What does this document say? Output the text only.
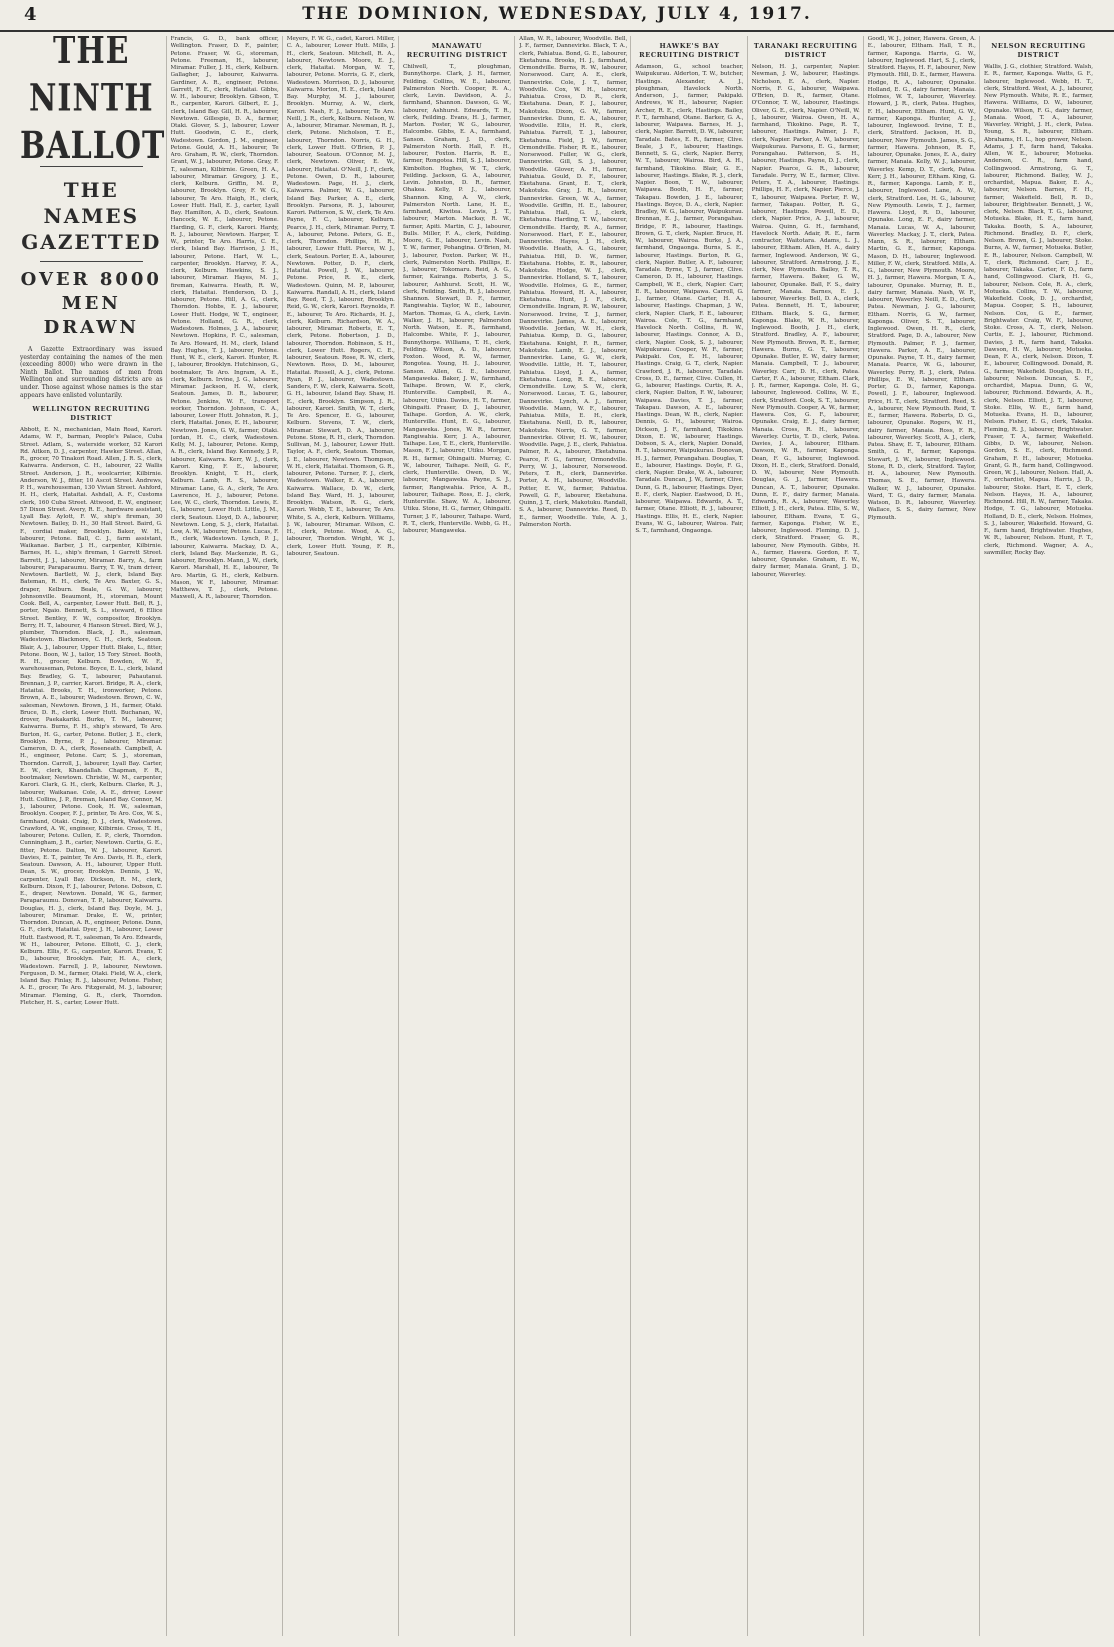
4	THE DOMINION, WEDNESDAY, JULY 4, 1917.
THE NINTH BALLOT
THE NAMES GAZETTED
OVER 8000 MEN DRAWN
A Gazette Extraordinary was issued yesterday containing the names of the men (exceeding 8000) who were drawn in the Ninth Ballot. The names of men from Wellington and surrounding districts are as under. Those against whose names is the star appears have enlisted voluntarily.
WELLINGTON RECRUITING DISTRICT
Abbott, E. N., mechanician, Main Road, Karori. Adams, W. F., barman, People's Palace, Cuba Street. Adlam, S., waterside worker, 52 Karori Rd. Aitken, D. J., carpenter, Hawker Street. Allan, R., grocer, 70 Tinakori Road. Allen, J. R. S., clerk, Kaiwarra. Anderson, C. H., labourer, 22 Wallis Street. Anderson, J. R., woolcarrier, Kilbirnie. Anderson, W. J., fitter, 10 Ascot Street. Andrews, P. H., warehouseman, 130 Vivian Street. Ashford, H. H., clerk, Hataitai. Ashdall, A. F., Customs clerk, 160 Cuba Street. Attwood, E. W., engineer, 57 Dixon Street. Avery, R. E., hardware assistant, Lyall Bay. Aylott, F. W., ship's fireman, 30 Newtown. Bailey, D. H., 30 Hall Street. Baird, G. F., cordial maker, Brooklyn. Baker, W. H., labourer, Petone. Ball, C. J., farm assistant, Waikanae. Barber, J. H., carpenter, Kilbirnie. Barnes, H. L., ship's fireman, 1 Garrett Street. Barrett, J. J., labourer, Miramar. Barry, A., farm labourer, Paraparaumu. Barry, T. W., tram driver, Newtown. Bartlett, W. J., clerk, Island Bay. Bateman, R. H., clerk, Te Aro. Baxter, G. S., draper, Kelburn. Beale, G. W., labourer, Johnsonville. Beaumont, H., storeman, Mount Cook. Bell, A., carpenter, Lower Hutt. Bell, R. J., porter, Ngaio. Bennett, S. L., steward, 6 Ellice Street. Bentley, F. W., compositor, Brooklyn. Berry, H. T., labourer, 4 Hanson Street. Bird, W. J., plumber, Thorndon. Black, J. R., salesman, Wadestown. Blackmore, C. H., clerk, Seatoun. Blair, A. J., labourer, Upper Hutt. Blake, L., fitter, Petone. Boon, W. J., tailor, 15 Tory Street. Booth, R. H., grocer, Kelburn. Bowden, W. F., warehouseman, Petone. Boyce, E. L., clerk, Island Bay. Bradley, G. T., labourer, Pahautanui. Brennan, J. P., carrier, Karori. Bridge, R. A., clerk, Hataitai. Brooks, T. H., ironworker, Petone. Brown, A. E., labourer, Wadestown. Brown, C. W., salesman, Newtown. Brown, J. H., farmer, Otaki. Bruce, D. R., clerk, Lower Hutt. Buchanan, W., drover, Paekakariki. Burke, T. M., labourer, Kaiwarra. Burns, F. H., ship's steward, Te Aro. Burton, H. G., carter, Petone. Butler, J. E., clerk, Brooklyn. Byrne, P. J., labourer, Miramar. Cameron, D. A., clerk, Roseneath. Campbell, A. H., engineer, Petone. Carr, S. J., storeman, Thorndon. Carroll, J., labourer, Lyall Bay. Carter, E. W., clerk, Khandallah. Chapman, F. R., bootmaker, Newtown. Christie, W. M., carpenter, Karori. Clark, G. H., clerk, Kelburn. Clarke, R. J., labourer, Waikanae. Cole, A. E., driver, Lower Hutt. Collins, J. P., fireman, Island Bay. Connor, M. J., labourer, Petone. Cook, H. W., salesman, Brooklyn. Cooper, F. J., printer, Te Aro. Cox, W. S., farmhand, Otaki. Craig, D. J., clerk, Wadestown. Crawford, A. W., engineer, Kilbirnie. Cross, T. H., labourer, Petone. Cullen, E. P., clerk, Thorndon. Cunningham, J. R., carter, Newtown. Curtis, G. E., fitter, Petone. Dalton, W. J., labourer, Karori. Davies, E. T., painter, Te Aro. Davis, H. R., clerk, Seatoun. Dawson, A. H., labourer, Upper Hutt. Dean, S. W., grocer, Brooklyn. Dennis, J. W., carpenter, Lyall Bay. Dickson, R. M., clerk, Kelburn. Dixon, F. J., labourer, Petone. Dobson, C. E., draper, Newtown. Donald, W. G., farmer, Paraparaumu. Donovan, T. P., labourer, Kaiwarra. Douglas, H. J., clerk, Island Bay. Doyle, M. J., labourer, Miramar. Drake, E. W., printer, Thorndon. Duncan, A. R., engineer, Petone. Dunn, G. F., clerk, Hataitai. Dyer, J. H., labourer, Lower Hutt. Eastwood, R. T., salesman, Te Aro. Edwards, W. H., labourer, Petone. Elliott, C. J., clerk, Kelburn. Ellis, F. G., carpenter, Karori. Evans, T. D., labourer, Brooklyn. Fair, H. A., clerk, Wadestown. Farrell, J. P., labourer, Newtown. Ferguson, D. M., farmer, Otaki. Field, W. A., clerk, Island Bay. Finlay, R. J., labourer, Petone. Fisher, A. E., grocer, Te Aro. Fitzgerald, M. J., labourer, Miramar. Fleming, G. R., clerk, Thorndon. Fletcher, H. S., carter, Lower Hutt.
Francis, G. D., bank officer, Wellington. Fraser, D. F., painter, Petone. Fraser, W. G., storeman, Petone. Freeman, H., labourer, Miramar. Fuller, J. H., clerk, Kelburn. Gallagher, J., labourer, Kaiwarra. Gardiner, A. R., engineer, Petone. Garrett, F. E., clerk, Hataitai. Gibbs, W. H., labourer, Brooklyn. Gibson, T. R., carpenter, Karori. Gilbert, E. J., clerk, Island Bay. Gill, H. R., labourer, Newtown. Gillespie, D. A., farmer, Otaki. Glover, S. J., labourer, Lower Hutt. Goodwin, C. E., clerk, Wadestown. Gordon, J. M., engineer, Petone. Gould, A. H., labourer, Te Aro. Graham, R. W., clerk, Thorndon. Grant, W. J., labourer, Petone. Gray, F. T., salesman, Kilbirnie. Green, H. A., labourer, Miramar. Gregory, J. E., clerk, Kelburn. Griffin, M. P., labourer, Brooklyn. Grey, F. W. G., labourer, Te Aro. Haigh, H., clerk, Lower Hutt. Hall, E. J., carter, Lyall Bay. Hamilton, A. D., clerk, Seatoun. Hancock, W. E., labourer, Petone. Harding, G. F., clerk, Karori. Hardy, R. J., labourer, Newtown. Harper, T. W., printer, Te Aro. Harris, C. E., clerk, Island Bay. Harrison, J. H., labourer, Petone. Hart, W. L., carpenter, Brooklyn. Harvey, F. A., clerk, Kelburn. Hawkins, S. J., labourer, Miramar. Hayes, M. J., fireman, Kaiwarra. Heath, R. W., clerk, Hataitai. Henderson, D. J., labourer, Petone. Hill, A. G., clerk, Thorndon. Hobbs, E. J., labourer, Lower Hutt. Hodge, W. T., engineer, Petone. Holland, G. R., clerk, Wadestown. Holmes, J. A., labourer, Newtown. Hopkins, F. C., salesman, Te Aro. Howard, H. M., clerk, Island Bay. Hughes, T. J., labourer, Petone. Hunt, W. E., clerk, Karori. Hunter, R. J., labourer, Brooklyn. Hutchinson, G., bootmaker, Te Aro. Ingram, A. E., clerk, Kelburn. Irvine, J. G., labourer, Miramar. Jackson, H. W., clerk, Seatoun. James, D. R., labourer, Petone. Jenkins, W. F., transport worker, Thorndon. Johnson, C. A., labourer, Lower Hutt. Johnston, R. J., clerk, Hataitai. Jones, E. H., labourer, Newtown. Jones, G. W., farmer, Otaki. Jordan, H. C., clerk, Wadestown. Kelly, M. J., labourer, Petone. Kemp, A. R., clerk, Island Bay. Kennedy, J. P., labourer, Kaiwarra. Kerr, W. J., clerk, Karori. King, F. E., labourer, Brooklyn. Knight, T. H., clerk, Kelburn. Lamb, R. S., labourer, Miramar. Lane, G. A., clerk, Te Aro. Lawrence, H. J., labourer, Petone. Lee, W. C., clerk, Thorndon. Lewis, E. G., labourer, Lower Hutt. Little, J. M., clerk, Seatoun. Lloyd, D. A., labourer, Newtown. Long, S. J., clerk, Hataitai. Low, A. W., labourer, Petone. Lucas, F. R., clerk, Wadestown. Lynch, P. J., labourer, Kaiwarra. Mackay, D. A., clerk, Island Bay. Mackenzie, R. G., labourer, Brooklyn. Mann, J. W., clerk, Karori. Marshall, H. E., labourer, Te Aro. Martin, G. H., clerk, Kelburn. Mason, W. F., labourer, Miramar. Matthews, T. J., clerk, Petone. Maxwell, A. R., labourer, Thorndon.
Meyers, F. W. G., cadet, Karori. Miller, C. A., labourer, Lower Hutt. Mills, J. H., clerk, Seatoun. Mitchell, R. A., labourer, Newtown. Moore, E. J., clerk, Hataitai. Morgan, W. T., labourer, Petone. Morris, G. F., clerk, Wadestown. Morrison, D. J., labourer, Kaiwarra. Morton, H. E., clerk, Island Bay. Murphy, M. J., labourer, Brooklyn. Murray, A. W., clerk, Karori. Nash, F. J., labourer, Te Aro. Neill, J. R., clerk, Kelburn. Nelson, W. A., labourer, Miramar. Newman, R. J., clerk, Petone. Nicholson, T. E., labourer, Thorndon. Norris, G. H., clerk, Lower Hutt. O'Brien, P. J., labourer, Seatoun. O'Connor, M. J., clerk, Newtown. Oliver, E. W., labourer, Hataitai. O'Neill, J. F., clerk, Petone. Owen, D. R., labourer, Wadestown. Page, H. J., clerk, Kaiwarra. Palmer, W. G., labourer, Island Bay. Parker, A. E., clerk, Brooklyn. Parsons, R. J., labourer, Karori. Patterson, S. W., clerk, Te Aro. Payne, F. C., labourer, Kelburn. Pearce, J. H., clerk, Miramar. Perry, T. A., labourer, Petone. Peters, G. E., clerk, Thorndon. Phillips, H. R., labourer, Lower Hutt. Pierce, W. J., clerk, Seatoun. Porter, E. A., labourer, Newtown. Potter, D. F., clerk, Hataitai. Powell, J. W., labourer, Petone. Price, R. E., clerk, Wadestown. Quinn, M. P., labourer, Kaiwarra. Randall, A. H., clerk, Island Bay. Reed, T. J., labourer, Brooklyn. Reid, G. W., clerk, Karori. Reynolds, F. E., labourer, Te Aro. Richards, H. J., clerk, Kelburn. Richardson, W. A., labourer, Miramar. Roberts, E. T., clerk, Petone. Robertson, J. D., labourer, Thorndon. Robinson, S. H., clerk, Lower Hutt. Rogers, C. E., labourer, Seatoun. Rose, R. W., clerk, Newtown. Ross, D. M., labourer, Hataitai. Russell, A. J., clerk, Petone. Ryan, P. J., labourer, Wadestown. Sanders, F. W., clerk, Kaiwarra. Scott, G. H., labourer, Island Bay. Shaw, H. E., clerk, Brooklyn. Simpson, J. R., labourer, Karori. Smith, W. T., clerk, Te Aro. Spencer, E. G., labourer, Kelburn. Stevens, T. W., clerk, Miramar. Stewart, D. A., labourer, Petone. Stone, R. H., clerk, Thorndon. Sullivan, M. J., labourer, Lower Hutt. Taylor, A. F., clerk, Seatoun. Thomas, J. E., labourer, Newtown. Thompson, W. H., clerk, Hataitai. Thomson, G. R., labourer, Petone. Turner, F. J., clerk, Wadestown. Walker, E. A., labourer, Kaiwarra. Wallace, D. W., clerk, Island Bay. Ward, H. J., labourer, Brooklyn. Watson, R. G., clerk, Karori. Webb, T. E., labourer, Te Aro. White, S. A., clerk, Kelburn. Williams, J. W., labourer, Miramar. Wilson, C. H., clerk, Petone. Wood, A. G., labourer, Thorndon. Wright, W. J., clerk, Lower Hutt. Young, F. R., labourer, Seatoun.
MANAWATU RECRUITING DISTRICT
Chilwell, T., ploughman, Bunnythorpe. Clark, J. H., farmer, Feilding. Collins, W. E., labourer, Palmerston North. Cooper, R. A., clerk, Levin. Davidson, A. J., farmhand, Shannon. Dawson, G. W., labourer, Ashhurst. Edwards, T. R., clerk, Feilding. Evans, H. J., farmer, Marton. Foster, W. G., labourer, Halcombe. Gibbs, E. A., farmhand, Sanson. Graham, J. D., clerk, Palmerston North. Hall, F. H., labourer, Foxton. Harris, R. E., farmer, Rongotea. Hill, S. J., labourer, Kimbolton. Hughes, W. T., clerk, Feilding. Jackson, G. A., labourer, Levin. Johnston, D. R., farmer, Ohakea. Kelly, P. J., labourer, Shannon. King, A. W., clerk, Palmerston North. Lane, H. E., farmhand, Kiwitea. Lewis, J. T., labourer, Marton. Mackay, R. W., farmer, Apiti. Martin, C. J., labourer, Bulls. Miller, F. A., clerk, Feilding. Moore, G. E., labourer, Levin. Nash, T. W., farmer, Pohangina. O'Brien, M. J., labourer, Foxton. Parker, W. H., clerk, Palmerston North. Phillips, E. J., labourer, Tokomaru. Reid, A. G., farmer, Kairanga. Roberts, J. S., labourer, Ashhurst. Scott, H. W., clerk, Feilding. Smith, R. J., labourer, Shannon. Stewart, D. F., farmer, Rangiwahia. Taylor, W. E., labourer, Marton. Thomas, G. A., clerk, Levin. Walker, J. H., labourer, Palmerston North. Watson, E. R., farmhand, Halcombe. White, F. J., labourer, Bunnythorpe. Williams, T. H., clerk, Feilding. Wilson, A. D., labourer, Foxton. Wood, R. W., farmer, Rongotea. Young, H. J., labourer, Sanson. Allen, G. E., labourer, Mangaweka. Baker, J. W., farmhand, Taihape. Brown, W. F., clerk, Hunterville. Campbell, R. A., labourer, Utiku. Davies, H. T., farmer, Ohingaiti. Fraser, D. J., labourer, Taihape. Gordon, A. W., clerk, Hunterville. Hunt, E. G., labourer, Mangaweka. Jones, W. R., farmer, Rangiwahia. Kerr, J. A., labourer, Taihape. Lee, T. E., clerk, Hunterville. Mason, F. J., labourer, Utiku. Morgan, R. H., farmer, Ohingaiti. Murray, C. W., labourer, Taihape. Neill, G. F., clerk, Hunterville. Owen, D. W., labourer, Mangaweka. Payne, S. J., farmer, Rangiwahia. Price, A. R., labourer, Taihape. Ross, E. J., clerk, Hunterville. Shaw, W. A., labourer, Utiku. Stone, H. G., farmer, Ohingaiti. Turner, J. F., labourer, Taihape. Ward, R. T., clerk, Hunterville. Webb, G. H., labourer, Mangaweka.
Allan, W. R., labourer, Woodville. Bell, J. F., farmer, Dannevirke. Black, T. A., clerk, Pahiatua. Bond, G. E., labourer, Eketahuna. Brooks, H. J., farmhand, Ormondville. Burns, R. W., labourer, Norsewood. Carr, A. E., clerk, Dannevirke. Cole, J. T., farmer, Woodville. Cox, W. H., labourer, Pahiatua. Cross, D. R., clerk, Eketahuna. Dean, F. J., labourer, Makotuku. Dixon, G. W., farmer, Dannevirke. Dunn, E. A., labourer, Woodville. Ellis, H. R., clerk, Pahiatua. Farrell, T. J., labourer, Eketahuna. Field, J. W., farmer, Ormondville. Fisher, R. E., labourer, Norsewood. Fuller, W. G., clerk, Dannevirke. Gill, S. J., labourer, Woodville. Glover, A. H., farmer, Pahiatua. Gould, D. F., labourer, Eketahuna. Grant, E. T., clerk, Makotuku. Gray, J. R., labourer, Dannevirke. Green, W. A., farmer, Woodville. Griffin, H. E., labourer, Pahiatua. Hall, G. J., clerk, Eketahuna. Harding, T. W., labourer, Ormondville. Hardy, R. A., farmer, Norsewood. Hart, F. E., labourer, Dannevirke. Hayes, J. H., clerk, Woodville. Heath, A. G., labourer, Pahiatua. Hill, D. W., farmer, Eketahuna. Hobbs, E. R., labourer, Makotuku. Hodge, W. J., clerk, Dannevirke. Holland, S. T., labourer, Woodville. Holmes, G. E., farmer, Pahiatua. Howard, H. A., labourer, Eketahuna. Hunt, J. F., clerk, Ormondville. Ingram, R. W., labourer, Norsewood. Irvine, T. J., farmer, Dannevirke. James, A. E., labourer, Woodville. Jordan, W. H., clerk, Pahiatua. Kemp, D. G., labourer, Eketahuna. Knight, F. R., farmer, Makotuku. Lamb, E. J., labourer, Dannevirke. Lane, G. W., clerk, Woodville. Little, H. T., labourer, Pahiatua. Lloyd, J. A., farmer, Eketahuna. Long, R. E., labourer, Ormondville. Low, S. W., clerk, Norsewood. Lucas, T. G., labourer, Dannevirke. Lynch, A. J., farmer, Woodville. Mann, W. F., labourer, Pahiatua. Mills, E. H., clerk, Eketahuna. Neill, D. R., labourer, Makotuku. Norris, G. T., farmer, Dannevirke. Oliver, H. W., labourer, Woodville. Page, J. E., clerk, Pahiatua. Palmer, R. A., labourer, Eketahuna. Pearce, F. G., farmer, Ormondville. Perry, W. J., labourer, Norsewood. Peters, T. R., clerk, Dannevirke. Porter, A. H., labourer, Woodville. Potter, E. W., farmer, Pahiatua. Powell, G. F., labourer, Eketahuna. Quinn, J. T., clerk, Makotuku. Randall, S. A., labourer, Dannevirke. Reed, D. E., farmer, Woodville. Yule, A. J., Palmerston North.
HAWKE'S BAY RECRUITING DISTRICT
Adamson, G., school teacher, Waipukurau. Alderton, T. W., butcher, Hastings. Alexander, A. J., ploughman, Havelock North. Anderson, J., farmer, Pakipaki. Andrews, W. H., labourer, Napier. Archer, R. E., clerk, Hastings. Bailey, F. T., farmhand, Otane. Barker, G. A., labourer, Waipawa. Barnes, H. J., clerk, Napier. Barrett, D. W., labourer, Taradale. Bates, E. R., farmer, Clive. Beale, J. F., labourer, Hastings. Bennett, S. G., clerk, Napier. Berry, W. T., labourer, Wairoa. Bird, A. H., farmhand, Tikokino. Blair, G. E., labourer, Hastings. Blake, R. J., clerk, Napier. Boon, T. W., labourer, Waipawa. Booth, H. F., farmer, Takapau. Bowden, J. E., labourer, Hastings. Boyce, D. A., clerk, Napier. Bradley, W. G., labourer, Waipukurau. Brennan, E. J., farmer, Porangahau. Bridge, F. R., labourer, Hastings. Brown, G. T., clerk, Napier. Bruce, H. W., labourer, Wairoa. Burke, J. A., farmhand, Ongaonga. Burns, S. E., labourer, Hastings. Burton, R. G., clerk, Napier. Butler, A. F., labourer, Taradale. Byrne, T. J., farmer, Clive. Cameron, D. H., labourer, Hastings. Campbell, W. E., clerk, Napier. Carr, E. R., labourer, Waipawa. Carroll, G. J., farmer, Otane. Carter, H. A., labourer, Hastings. Chapman, J. W., clerk, Napier. Clark, F. E., labourer, Wairoa. Cole, T. G., farmhand, Havelock North. Collins, R. W., labourer, Hastings. Connor, A. D., clerk, Napier. Cook, S. J., labourer, Waipukurau. Cooper, W. F., farmer, Pakipaki. Cox, E. H., labourer, Hastings. Craig, G. T., clerk, Napier. Crawford, J. R., labourer, Taradale. Cross, D. E., farmer, Clive. Cullen, H. G., labourer, Hastings. Curtis, R. A., clerk, Napier. Dalton, F. W., labourer, Waipawa. Davies, T. J., farmer, Takapau. Dawson, A. E., labourer, Hastings. Dean, W. R., clerk, Napier. Dennis, G. H., labourer, Wairoa. Dickson, J. F., farmhand, Tikokino. Dixon, E. W., labourer, Hastings. Dobson, S. A., clerk, Napier. Donald, R. T., labourer, Waipukurau. Donovan, H. J., farmer, Porangahau. Douglas, T. E., labourer, Hastings. Doyle, F. G., clerk, Napier. Drake, W. A., labourer, Taradale. Duncan, J. W., farmer, Clive. Dunn, G. R., labourer, Hastings. Dyer, E. F., clerk, Napier. Eastwood, D. H., labourer, Waipawa. Edwards, A. T., farmer, Otane. Elliott, R. J., labourer, Hastings. Ellis, H. E., clerk, Napier. Evans, W. G., labourer, Wairoa. Fair, S. T., farmhand, Ongaonga.
TARANAKI RECRUITING DISTRICT
Nelson, H. J., carpenter, Napier. Newman, J. W., labourer, Hastings. Nicholson, E. A., clerk, Napier. Norris, F. G., labourer, Waipawa. O'Brien, D. R., farmer, Otane. O'Connor, T. W., labourer, Hastings. Oliver, G. E., clerk, Napier. O'Neill, W. J., labourer, Wairoa. Owen, H. A., farmhand, Tikokino. Page, R. T., labourer, Hastings. Palmer, J. F., clerk, Napier. Parker, A. W., labourer, Waipukurau. Parsons, E. G., farmer, Porangahau. Patterson, S. H., labourer, Hastings. Payne, D. J., clerk, Napier. Pearce, G. R., labourer, Taradale. Perry, W. E., farmer, Clive. Peters, T. A., labourer, Hastings. Phillips, H. F., clerk, Napier. Pierce, J. T., labourer, Waipawa. Porter, F. W., farmer, Takapau. Potter, R. G., labourer, Hastings. Powell, E. D., clerk, Napier. Price, A. J., labourer, Wairoa. Quinn, G. H., farmhand, Havelock North. Adair, R. E., farm contractor, Waitotara. Adams, L. J., labourer, Eltham. Allen, H. A., dairy farmer, Inglewood. Anderson, W. G., labourer, Stratford. Armstrong, J. E., clerk, New Plymouth. Bailey, T. R., farmer, Hawera. Baker, G. W., labourer, Opunake. Ball, F. S., dairy farmer, Manaia. Barnes, E. J., labourer, Waverley. Bell, D. A., clerk, Patea. Bennett, H. T., labourer, Eltham. Black, S. G., farmer, Kaponga. Blake, W. R., labourer, Inglewood. Booth, J. H., clerk, Stratford. Bradley, A. F., labourer, New Plymouth. Brown, R. E., farmer, Hawera. Burns, G. T., labourer, Opunake. Butler, E. W., dairy farmer, Manaia. Campbell, T. J., labourer, Waverley. Carr, D. H., clerk, Patea. Carter, F. A., labourer, Eltham. Clark, J. R., farmer, Kaponga. Cole, H. G., labourer, Inglewood. Collins, W. E., clerk, Stratford. Cook, S. T., labourer, New Plymouth. Cooper, A. W., farmer, Hawera. Cox, G. F., labourer, Opunake. Craig, E. J., dairy farmer, Manaia. Cross, R. H., labourer, Waverley. Curtis, T. D., clerk, Patea. Davies, J. A., labourer, Eltham. Dawson, W. R., farmer, Kaponga. Dean, F. G., labourer, Inglewood. Dixon, H. E., clerk, Stratford. Donald, D. W., labourer, New Plymouth. Douglas, G. J., farmer, Hawera. Duncan, A. T., labourer, Opunake. Dunn, E. F., dairy farmer, Manaia. Edwards, R. A., labourer, Waverley. Elliott, J. H., clerk, Patea. Ellis, S. W., labourer, Eltham. Evans, T. G., farmer, Kaponga. Fisher, W. E., labourer, Inglewood. Fleming, D. J., clerk, Stratford. Fraser, G. R., labourer, New Plymouth. Gibbs, H. A., farmer, Hawera. Gordon, F. T., labourer, Opunake. Graham, E. W., dairy farmer, Manaia. Grant, J. D., labourer, Waverley.
Goodl, W. J., joiner, Hawera. Green, A. E., labourer, Eltham. Hall, T. R., farmer, Kaponga. Harris, G. W., labourer, Inglewood. Hart, S. J., clerk, Stratford. Hayes, H. F., labourer, New Plymouth. Hill, D. E., farmer, Hawera. Hodge, R. A., labourer, Opunake. Holland, E. G., dairy farmer, Manaia. Holmes, W. T., labourer, Waverley. Howard, J. R., clerk, Patea. Hughes, F. H., labourer, Eltham. Hunt, G. W., farmer, Kaponga. Hunter, A. J., labourer, Inglewood. Irvine, T. E., clerk, Stratford. Jackson, H. D., labourer, New Plymouth. James, S. G., farmer, Hawera. Johnson, R. F., labourer, Opunake. Jones, E. A., dairy farmer, Manaia. Kelly, W. J., labourer, Waverley. Kemp, D. T., clerk, Patea. Kerr, J. H., labourer, Eltham. King, G. R., farmer, Kaponga. Lamb, F. E., labourer, Inglewood. Lane, A. W., clerk, Stratford. Lee, H. G., labourer, New Plymouth. Lewis, T. J., farmer, Hawera. Lloyd, R. D., labourer, Opunake. Long, E. F., dairy farmer, Manaia. Lucas, W. A., labourer, Waverley. Mackay, J. T., clerk, Patea. Mann, S. R., labourer, Eltham. Martin, G. E., farmer, Kaponga. Mason, D. H., labourer, Inglewood. Miller, F. W., clerk, Stratford. Mills, A. G., labourer, New Plymouth. Moore, H. J., farmer, Hawera. Morgan, T. A., labourer, Opunake. Murray, R. E., dairy farmer, Manaia. Nash, W. F., labourer, Waverley. Neill, E. D., clerk, Patea. Newman, J. G., labourer, Eltham. Norris, G. W., farmer, Kaponga. Oliver, S. T., labourer, Inglewood. Owen, H. R., clerk, Stratford. Page, D. A., labourer, New Plymouth. Palmer, F. J., farmer, Hawera. Parker, A. E., labourer, Opunake. Payne, T. H., dairy farmer, Manaia. Pearce, W. G., labourer, Waverley. Perry, R. J., clerk, Patea. Phillips, E. W., labourer, Eltham. Porter, G. D., farmer, Kaponga. Powell, J. F., labourer, Inglewood. Price, H. T., clerk, Stratford. Reed, S. A., labourer, New Plymouth. Reid, T. E., farmer, Hawera. Roberts, D. G., labourer, Opunake. Rogers, W. H., dairy farmer, Manaia. Ross, F. R., labourer, Waverley. Scott, A. J., clerk, Patea. Shaw, E. T., labourer, Eltham. Smith, G. F., farmer, Kaponga. Stewart, J. W., labourer, Inglewood. Stone, R. D., clerk, Stratford. Taylor, H. A., labourer, New Plymouth. Thomas, S. E., farmer, Hawera. Walker, W. J., labourer, Opunake. Ward, T. G., dairy farmer, Manaia. Watson, D. R., labourer, Waverley. Wallace, S. S., dairy farmer, New Plymouth.
NELSON RECRUITING DISTRICT
Wallis, J. G., clothier, Stratford. Walsh, E. R., farmer, Kaponga. Watts, G. F., labourer, Inglewood. Webb, H. T., clerk, Stratford. West, A. J., labourer, New Plymouth. White, R. E., farmer, Hawera. Williams, D. W., labourer, Opunake. Wilson, F. G., dairy farmer, Manaia. Wood, T. A., labourer, Waverley. Wright, J. H., clerk, Patea. Young, S. R., labourer, Eltham. Abrahams, H. L., hop grower, Nelson. Adams, J. F., farm hand, Takaka. Allen, W. E., labourer, Motueka. Anderson, C. R., farm hand, Collingwood. Armstrong, G. T., labourer, Richmond. Bailey, W. J., orchardist, Mapua. Baker, E. A., labourer, Nelson. Barnes, F. H., farmer, Wakefield. Bell, R. D., labourer, Brightwater. Bennett, J. W., clerk, Nelson. Black, T. G., labourer, Motueka. Blake, H. E., farm hand, Takaka. Booth, S. A., labourer, Richmond. Bradley, D. F., clerk, Nelson. Brown, G. J., labourer, Stoke. Burns, A. W., farmer, Motueka. Butler, E. R., labourer, Nelson. Campbell, W. T., clerk, Richmond. Carr, J. E., labourer, Takaka. Carter, F. D., farm hand, Collingwood. Clark, H. G., labourer, Nelson. Cole, R. A., clerk, Motueka. Collins, T. W., labourer, Wakefield. Cook, D. J., orchardist, Mapua. Cooper, S. H., labourer, Nelson. Cox, G. E., farmer, Brightwater. Craig, W. F., labourer, Stoke. Cross, A. T., clerk, Nelson. Curtis, E. J., labourer, Richmond. Davies, J. R., farm hand, Takaka. Dawson, H. W., labourer, Motueka. Dean, F. A., clerk, Nelson. Dixon, T. E., labourer, Collingwood. Donald, R. G., farmer, Wakefield. Douglas, D. H., labourer, Nelson. Duncan, S. F., orchardist, Mapua. Dunn, G. W., labourer, Richmond. Edwards, A. R., clerk, Nelson. Elliott, J. T., labourer, Stoke. Ellis, W. E., farm hand, Motueka. Evans, H. D., labourer, Nelson. Fisher, E. G., clerk, Takaka. Fleming, R. J., labourer, Brightwater. Fraser, T. A., farmer, Wakefield. Gibbs, D. W., labourer, Nelson. Gordon, S. E., clerk, Richmond. Graham, F. H., labourer, Motueka. Grant, G. R., farm hand, Collingwood. Green, W. J., labourer, Nelson. Hall, A. F., orchardist, Mapua. Harris, J. D., labourer, Stoke. Hart, E. T., clerk, Nelson. Hayes, H. A., labourer, Richmond. Hill, R. W., farmer, Takaka. Hodge, T. G., labourer, Motueka. Holland, D. E., clerk, Nelson. Holmes, S. J., labourer, Wakefield. Howard, G. F., farm hand, Brightwater. Hughes, W. R., labourer, Nelson. Hunt, F. T., clerk, Richmond. Wagner, A. A., sawmiller, Rocky Bay.
